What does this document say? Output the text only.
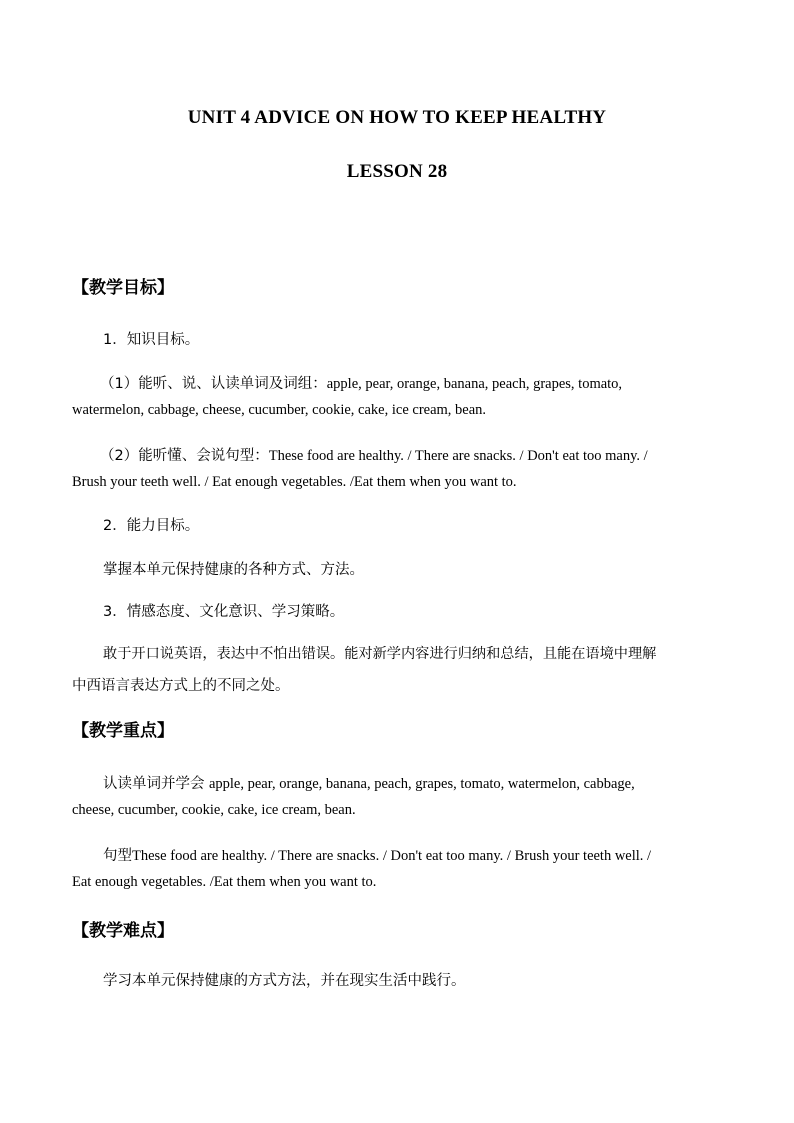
UNIT 4 ADVICE ON HOW TO KEEP HEALTHY
LESSON 28
【教学目标】
1．知识目标。
（1）能听、说、认读单词及词组：apple, pear, orange, banana, peach, grapes, tomato,
watermelon, cabbage, cheese, cucumber, cookie, cake, ice cream, bean.
（2）能听懂、会说句型：These food are healthy. / There are snacks. / Don't eat too many. /
Brush your teeth well. / Eat enough vegetables. /Eat them when you want to.
2．能力目标。
掌握本单元保持健康的各种方式、方法。
3．情感态度、文化意识、学习策略。
敢于开口说英语，表达中不怕出错误。能对新学内容进行归纳和总结，且能在语境中理解
中西语言表达方式上的不同之处。
【教学重点】
认读单词并学会 apple, pear, orange, banana, peach, grapes, tomato, watermelon, cabbage,
cheese, cucumber, cookie, cake, ice cream, bean.
句型These food are healthy. / There are snacks. / Don't eat too many. / Brush your teeth well. /
Eat enough vegetables. /Eat them when you want to.
【教学难点】
学习本单元保持健康的方式方法，并在现实生活中践行。
